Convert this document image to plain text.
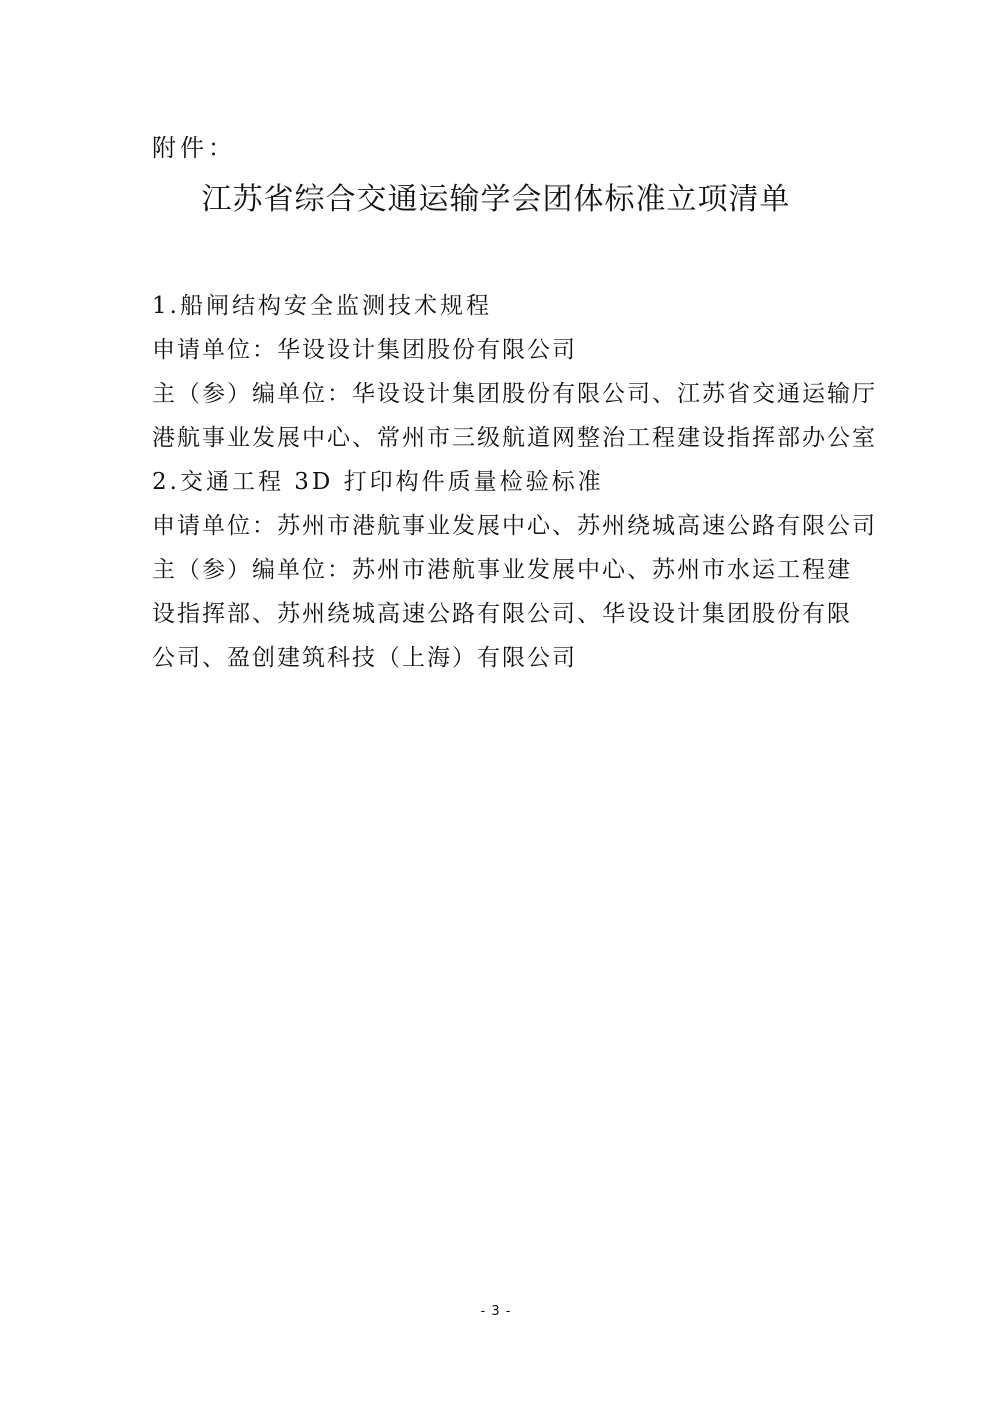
附件：
江苏省综合交通运输学会团体标准立项清单
1.船闸结构安全监测技术规程
申请单位：华设设计集团股份有限公司
主（参）编单位：华设设计集团股份有限公司、江苏省交通运输厅
港航事业发展中心、常州市三级航道网整治工程建设指挥部办公室
2.交通工程 3D 打印构件质量检验标准
申请单位：苏州市港航事业发展中心、苏州绕城高速公路有限公司
主（参）编单位：苏州市港航事业发展中心、苏州市水运工程建
设指挥部、苏州绕城高速公路有限公司、华设设计集团股份有限
公司、盈创建筑科技（上海）有限公司
- 3 -
